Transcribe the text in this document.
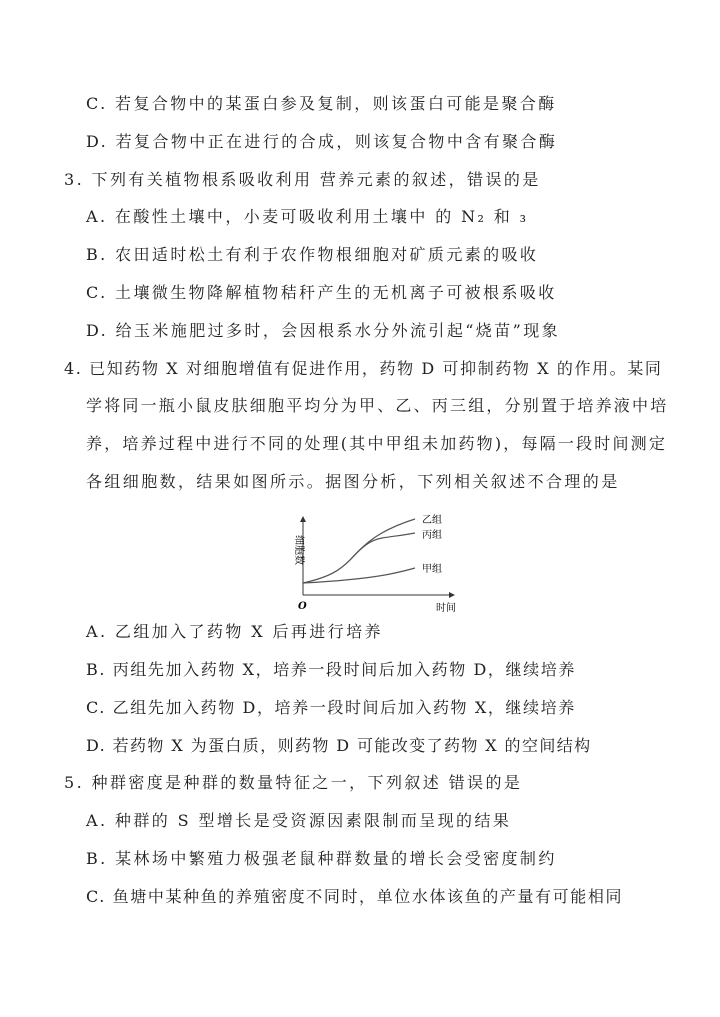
C. 若复合物中的某蛋白参及复制，则该蛋白可能是聚合酶
D. 若复合物中正在进行的合成，则该复合物中含有聚合酶
3. 下列有关植物根系吸收利用 营养元素的叙述，错误的是
A. 在酸性土壤中，小麦可吸收利用土壤中 的 N₂ 和 ₃
B. 农田适时松土有利于农作物根细胞对矿质元素的吸收
C. 土壤微生物降解植物秸秆产生的无机离子可被根系吸收
D. 给玉米施肥过多时，会因根系水分外流引起“烧苗”现象
4. 已知药物 X 对细胞增值有促进作用，药物 D 可抑制药物 X 的作用。某同
学将同一瓶小鼠皮肤细胞平均分为甲、乙、丙三组，分别置于培养液中培
养，培养过程中进行不同的处理(其中甲组未加药物)，每隔一段时间测定
各组细胞数，结果如图所示。据图分析，下列相关叙述不合理的是
细胞数
时间
O
乙组
丙组
甲组
A. 乙组加入了药物 X 后再进行培养
B. 丙组先加入药物 X，培养一段时间后加入药物 D，继续培养
C. 乙组先加入药物 D，培养一段时间后加入药物 X，继续培养
D. 若药物 X 为蛋白质，则药物 D 可能改变了药物 X 的空间结构
5. 种群密度是种群的数量特征之一，下列叙述 错误的是
A. 种群的 S 型增长是受资源因素限制而呈现的结果
B. 某林场中繁殖力极强老鼠种群数量的增长会受密度制约
C. 鱼塘中某种鱼的养殖密度不同时，单位水体该鱼的产量有可能相同
